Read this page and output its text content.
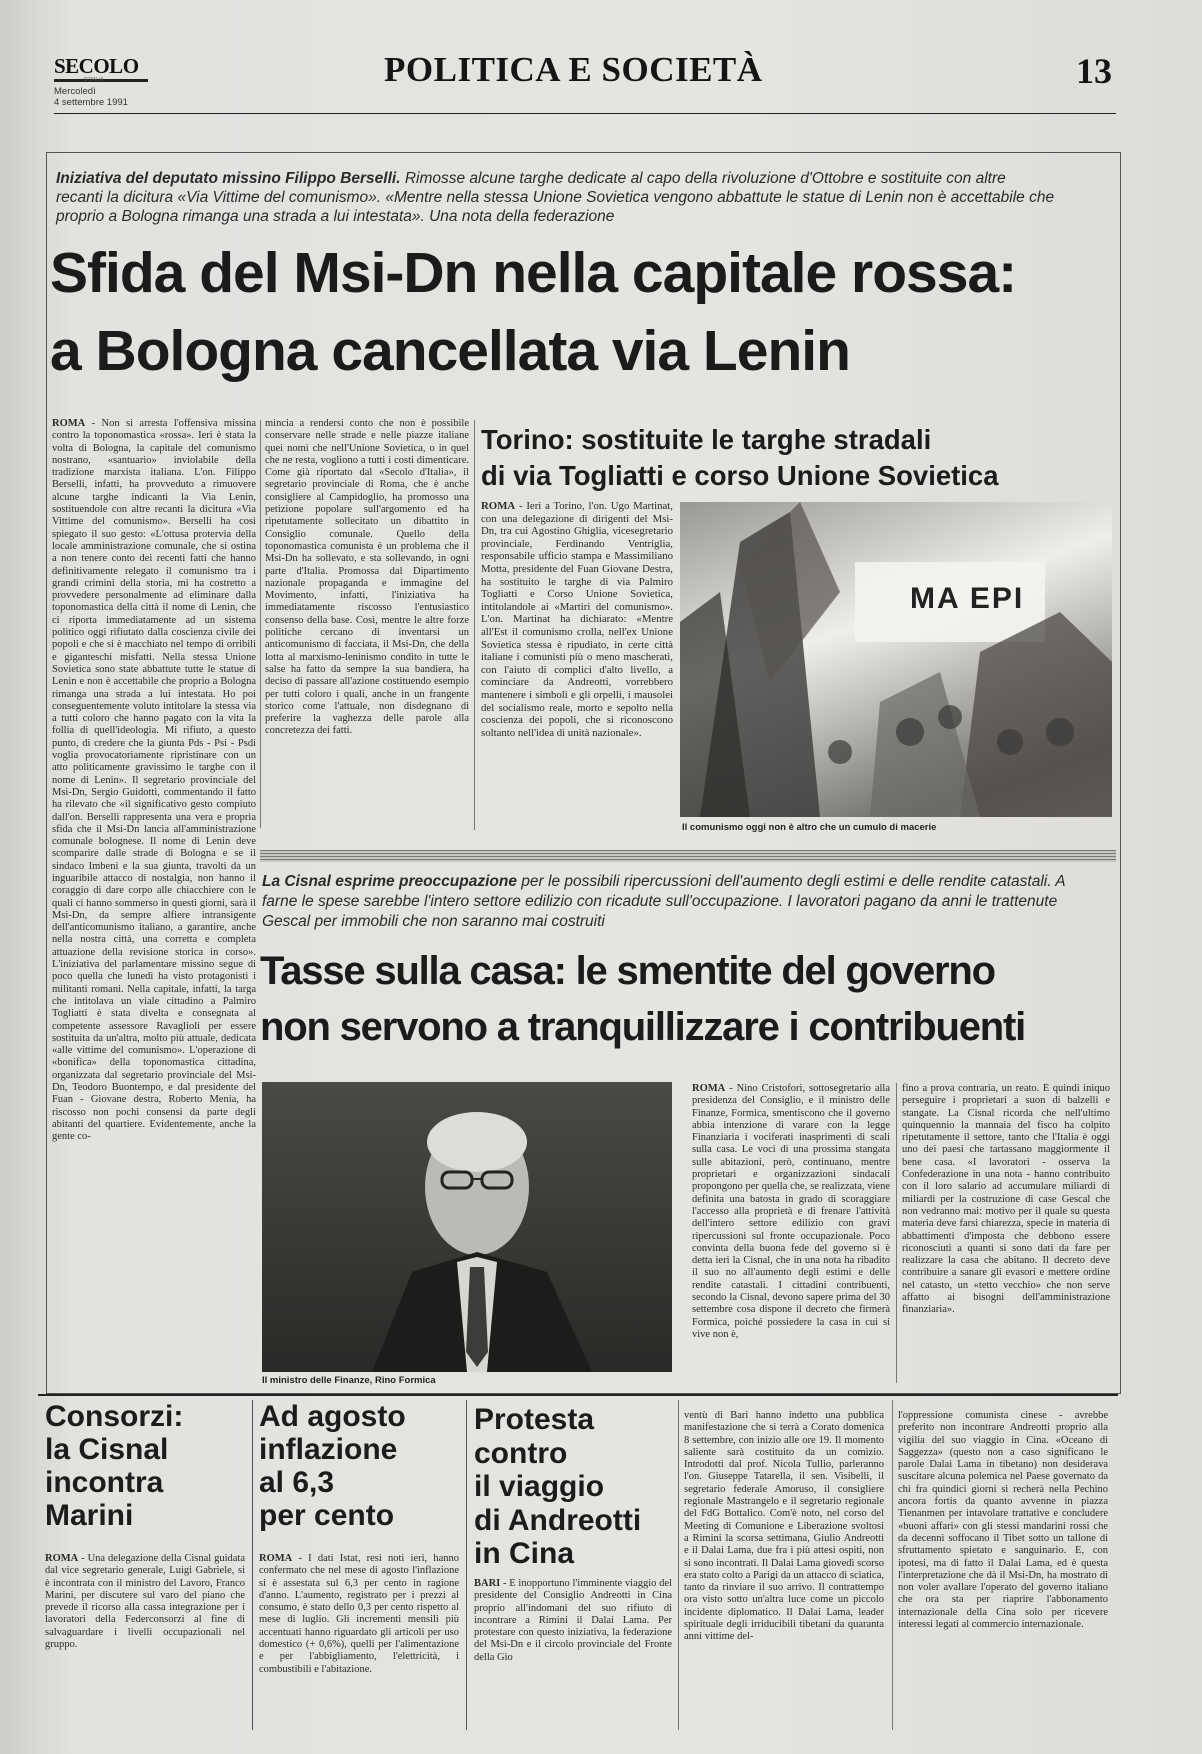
SECOLO
D'ITALIA
Mercoledì
4 settembre 1991
POLITICA E SOCIETÀ	13
Iniziativa del deputato missino Filippo Berselli. Rimosse alcune targhe dedicate al capo della rivoluzione d'Ottobre e sostituite con altre recanti la dicitura «Via Vittime del comunismo». «Mentre nella stessa Unione Sovietica vengono abbattute le statue di Lenin non è accettabile che proprio a Bologna rimanga una strada a lui intestata». Una nota della federazione
Sfida del Msi-Dn nella capitale rossa:
a Bologna cancellata via Lenin
ROMA - Non si arresta l'offensiva missina contro la toponomastica «rossa». Ieri è stata la volta di Bologna, la capitale del comunismo nostrano, «santuario» inviolabile della tradizione marxista italiana. L'on. Filippo Berselli, infatti, ha provveduto a rimuovere alcune targhe indicanti la Via Lenin, sostituendole con altre recanti la dicitura «Via Vittime del comunismo». Berselli ha così spiegato il suo gesto: «L'ottusa protervia della locale amministrazione comunale, che si ostina a non tenere conto dei recenti fatti che hanno definitivamente relegato il comunismo tra i grandi crimini della storia, mi ha costretto a provvedere personalmente ad eliminare dalla toponomastica della città il nome di Lenin, che ci riporta immediatamente ad un sistema politico oggi rifiutato dalla coscienza civile dei popoli e che si è macchiato nel tempo di orribili e giganteschi misfatti. Nella stessa Unione Sovietica sono state abbattute tutte le statue di Lenin e non è accettabile che proprio a Bologna rimanga una strada a lui intestata. Ho poi conseguentemente voluto intitolare la stessa via a tutti coloro che hanno pagato con la vita la follia di quell'ideologia. Mi rifiuto, a questo punto, di credere che la giunta Pds - Psi - Psdi voglia provocatoriamente ripristinare con un atto politicamente gravissimo le targhe con il nome di Lenin». Il segretario provinciale del Msi-Dn, Sergio Guidotti, commentando il fatto ha rilevato che «il significativo gesto compiuto dall'on. Berselli rappresenta una vera e propria sfida che il Msi-Dn lancia all'amministrazione comunale bolognese. Il nome di Lenin deve scomparire dalle strade di Bologna e se il sindaco Imbeni e la sua giunta, travolti da un inguaribile attacco di nostalgia, non hanno il coraggio di dare corpo alle chiacchiere con le quali ci hanno sommerso in questi giorni, sarà il Msi-Dn, da sempre alfiere intransigente dell'anticomunismo italiano, a garantire, anche nella nostra città, una corretta e completa attuazione della revisione storica in corso». L'iniziativa del parlamentare missino segue di poco quella che lunedì ha visto protagonisti i militanti romani. Nella capitale, infatti, la targa che intitolava un viale cittadino a Palmiro Togliatti è stata divelta e consegnata al competente assessore Ravaglioli per essere sostituita da un'altra, molto più attuale, dedicata «alle vittime del comunismo». L'operazione di «bonifica» della toponomastica cittadina, organizzata dal segretario provinciale del Msi-Dn, Teodoro Buontempo, e dal presidente del Fuan - Giovane destra, Roberto Menia, ha riscosso non pochi consensi da parte degli abitanti del quartiere. Evidentemente, anche la gente co-
mincia a rendersi conto che non è possibile conservare nelle strade e nelle piazze italiane quei nomi che nell'Unione Sovietica, o in quel che ne resta, vogliono a tutti i costi dimenticare. Come già riportato dal «Secolo d'Italia», il segretario provinciale di Roma, che è anche consigliere al Campidoglio, ha promosso una petizione popolare sull'argomento ed ha ripetutamente sollecitato un dibattito in Consiglio comunale. Quello della toponomastica comunista è un problema che il Msi-Dn ha sollevato, e sta sollevando, in ogni parte d'Italia. Promossa dal Dipartimento nazionale propaganda e immagine del Movimento, infatti, l'iniziativa ha immediatamente riscosso l'entusiastico consenso della base. Così, mentre le altre forze politiche cercano di inventarsi un anticomunismo di facciata, il Msi-Dn, che della lotta al marxismo-leninismo condito in tutte le salse ha fatto da sempre la sua bandiera, ha deciso di passare all'azione costituendo esempio per tutti coloro i quali, anche in un frangente storico come l'attuale, non disdegnano di preferire la vaghezza delle parole alla concretezza dei fatti.
Torino: sostituite le targhe stradali
di via Togliatti e corso Unione Sovietica
ROMA - Ieri a Torino, l'on. Ugo Martinat, con una delegazione di dirigenti del Msi-Dn, tra cui Agostino Ghiglia, vicesegretario provinciale, Ferdinando Ventriglia, responsabile ufficio stampa e Massimiliano Motta, presidente del Fuan Giovane Destra, ha sostituito le targhe di via Palmiro Togliatti e Corso Unione Sovietica, intitolandole ai «Martiri del comunismo». L'on. Martinat ha dichiarato: «Mentre all'Est il comunismo crolla, nell'ex Unione Sovietica stessa è ripudiato, in certe città italiane i comunisti più o meno mascherati, con l'aiuto di complici d'alto livello, a cominciare da Andreotti, vorrebbero mantenere i simboli e gli orpelli, i mausolei del socialismo reale, morto e sepolto nella coscienza dei popoli, che si riconoscono soltanto nell'idea di unità nazionale».
MA EPI
Il comunismo oggi non è altro che un cumulo di macerie
La Cisnal esprime preoccupazione per le possibili ripercussioni dell'aumento degli estimi e delle rendite catastali. A farne le spese sarebbe l'intero settore edilizio con ricadute sull'occupazione. I lavoratori pagano da anni le trattenute Gescal per immobili che non saranno mai costruiti
Tasse sulla casa: le smentite del governo
non servono a tranquillizzare i contribuenti
Il ministro delle Finanze, Rino Formica
ROMA - Nino Cristofori, sottosegretario alla presidenza del Consiglio, e il ministro delle Finanze, Formica, smentiscono che il governo abbia intenzione di varare con la legge Finanziaria i vociferati inasprimenti di scali sulla casa. Le voci di una prossima stangata sulle abitazioni, però, continuano, mentre proprietari e organizzazioni sindacali propongono per quella che, se realizzata, viene definita una batosta in grado di scoraggiare l'accesso alla proprietà e di frenare l'attività dell'intero settore edilizio con gravi ripercussioni sul fronte occupazionale. Poco convinta della buona fede del governo si è detta ieri la Cisnal, che in una nota ha ribadito il suo no all'aumento degli estimi e delle rendite catastali. I cittadini contribuenti, secondo la Cisnal, devono sapere prima del 30 settembre cosa dispone il decreto che firmerà Formica, poiché possiedere la casa in cui si vive non è,
fino a prova contraria, un reato. È quindi iniquo perseguire i proprietari a suon di balzelli e stangate. La Cisnal ricorda che nell'ultimo quinquennio la mannaia del fisco ha colpito ripetutamente il settore, tanto che l'Italia è oggi uno dei paesi che tartassano maggiormente il bene casa. «I lavoratori - osserva la Confederazione in una nota - hanno contribuito con il loro salario ad accumulare miliardi di miliardi per la costruzione di case Gescal che non vedranno mai: motivo per il quale su questa materia deve farsi chiarezza, specie in materia di abbattimenti d'imposta che debbono essere riconosciuti a quanti si sono dati da fare per realizzare la casa che abitano. Il decreto deve contribuire a sanare gli evasori e mettere ordine nel catasto, un «tetto vecchio» che non serve affatto ai bisogni dell'amministrazione finanziaria».
Consorzi:
la Cisnal
incontra
Marini
ROMA - Una delegazione della Cisnal guidata dal vice segretario generale, Luigi Gabriele, si è incontrata con il ministro del Lavoro, Franco Marini, per discutere sul varo del piano che prevede il ricorso alla cassa integrazione per i lavoratori della Federconsorzi al fine di salvaguardare i livelli occupazionali nel gruppo.
Ad agosto
inflazione
al 6,3
per cento
ROMA - I dati Istat, resi noti ieri, hanno confermato che nel mese di agosto l'inflazione si è assestata sul 6,3 per cento in ragione d'anno. L'aumento, registrato per i prezzi al consumo, è stato dello 0,3 per cento rispetto al mese di luglio. Gli incrementi mensili più accentuati hanno riguardato gli articoli per uso domestico (+ 0,6%), quelli per l'alimentazione e per l'abbigliamento, l'elettricità, i combustibili e l'abitazione.
Protesta
contro
il viaggio
di Andreotti
in Cina
BARI - È inopportuno l'imminente viaggio del presidente del Consiglio Andreotti in Cina proprio all'indomani del suo rifiuto di incontrare a Rimini il Dalai Lama. Per protestare con questo iniziativa, la federazione del Msi-Dn e il circolo provinciale del Fronte della Gio
ventù di Bari hanno indetto una pubblica manifestazione che si terrà a Corato domenica 8 settembre, con inizio alle ore 19. Il momento saliente sarà costituito da un comizio. Introdotti dal prof. Nicola Tullio, parleranno l'on. Giuseppe Tatarella, il sen. Visibelli, il segretario federale Amoruso, il consigliere regionale Mastrangelo e il segretario regionale del FdG Bottalico. Com'è noto, nel corso del Meeting di Comunione e Liberazione svoltosi a Rimini la scorsa settimana, Giulio Andreotti e il Dalai Lama, due fra i più attesi ospiti, non si sono incontrati. Il Dalai Lama giovedì scorso era stato colto a Parigi da un attacco di sciatica, tanto da rinviare il suo arrivo. Il contrattempo ora visto sotto un'altra luce come un piccolo incidente diplomatico. Il Dalai Lama, leader spirituale degli irriducibili tibetani da quaranta anni vittime del-
l'oppressione comunista cinese - avrebbe preferito non incontrare Andreotti proprio alla vigilia del suo viaggio in Cina. «Oceano di Saggezza» (questo non a caso significano le parole Dalai Lama in tibetano) non desiderava suscitare alcuna polemica nel Paese governato da chi fra quindici giorni si recherà nella Pechino ancora fortis da quanto avvenne in piazza Tienanmen per intavolare trattative e concludere «buoni affari» con gli stessi mandarini rossi che da decenni soffocano il Tibet sotto un tallone di sfruttamento spietato e sanguinario. E, con ipotesi, ma di fatto il Dalai Lama, ed è questa l'interpretazione che dà il Msi-Dn, ha mostrato di non voler avallare l'operato del governo italiano che ora sta per riaprire l'abbonamento internazionale della Cina solo per ricevere interessi legati al commercio internazionale.
